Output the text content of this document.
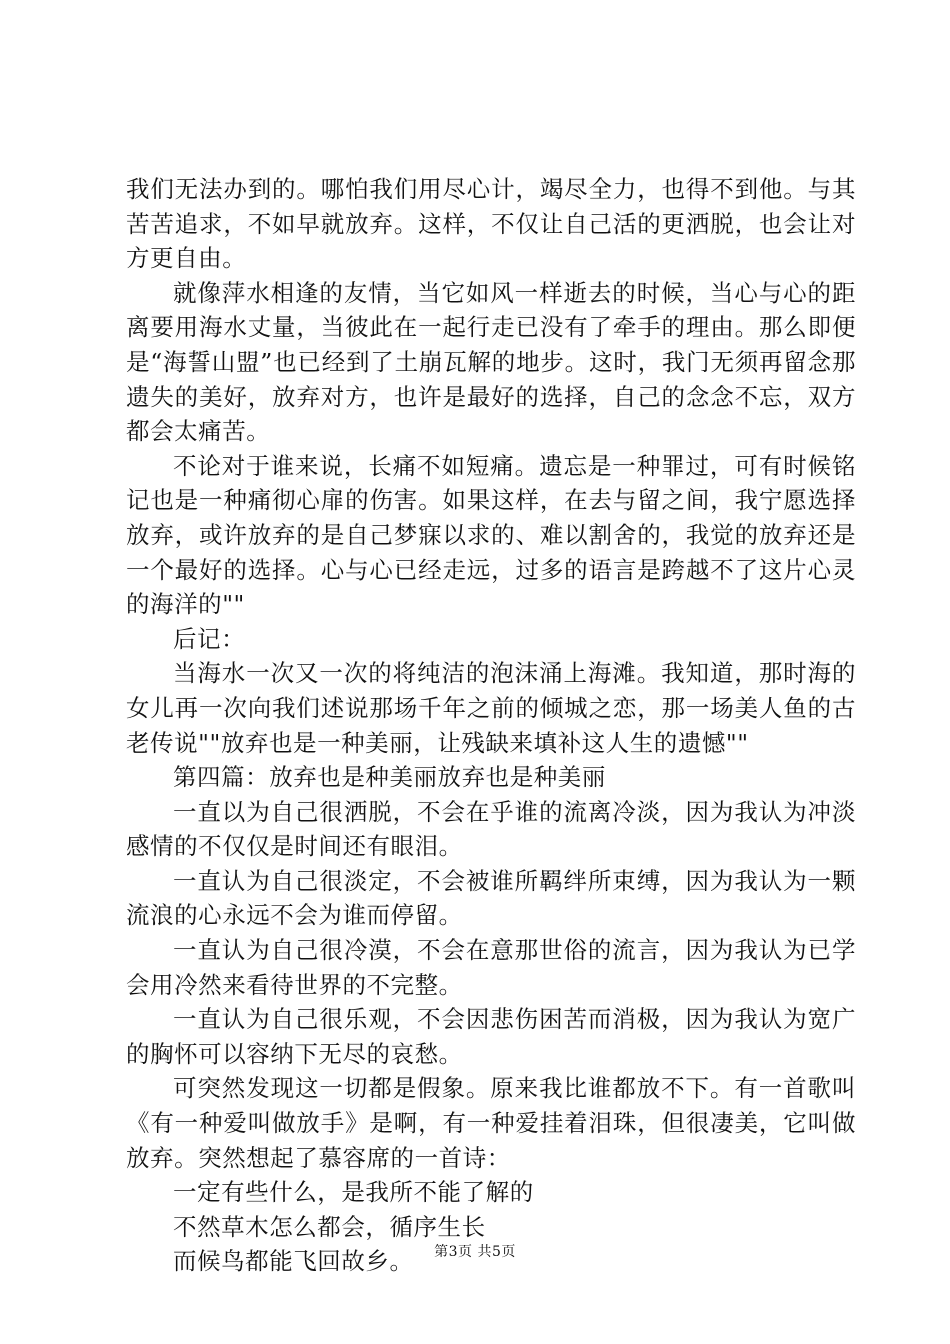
我们无法办到的。哪怕我们用尽心计，竭尽全力，也得不到他。与其苦苦追求，不如早就放弃。这样，不仅让自己活的更洒脱，也会让对方更自由。

就像萍水相逢的友情，当它如风一样逝去的时候，当心与心的距离要用海水丈量，当彼此在一起行走已没有了牵手的理由。那么即便是“海誓山盟”也已经到了土崩瓦解的地步。这时，我门无须再留念那遗失的美好，放弃对方，也许是最好的选择，自己的念念不忘，双方都会太痛苦。

不论对于谁来说，长痛不如短痛。遗忘是一种罪过，可有时候铭记也是一种痛彻心扉的伤害。如果这样，在去与留之间，我宁愿选择放弃，或许放弃的是自己梦寐以求的、难以割舍的，我觉的放弃还是一个最好的选择。心与心已经走远，过多的语言是跨越不了这片心灵的海洋的""

后记：

当海水一次又一次的将纯洁的泡沫涌上海滩。我知道，那时海的女儿再一次向我们述说那场千年之前的倾城之恋，那一场美人鱼的古老传说""放弃也是一种美丽，让残缺来填补这人生的遗憾""

第四篇：放弃也是种美丽放弃也是种美丽

一直以为自己很洒脱，不会在乎谁的流离冷淡，因为我认为冲淡感情的不仅仅是时间还有眼泪。

一直认为自己很淡定，不会被谁所羁绊所束缚，因为我认为一颗流浪的心永远不会为谁而停留。

一直认为自己很冷漠，不会在意那世俗的流言，因为我认为已学会用冷然来看待世界的不完整。

一直认为自己很乐观，不会因悲伤困苦而消极，因为我认为宽广的胸怀可以容纳下无尽的哀愁。

可突然发现这一切都是假象。原来我比谁都放不下。有一首歌叫《有一种爱叫做放手》是啊，有一种爱挂着泪珠，但很凄美，它叫做放弃。突然想起了慕容席的一首诗：

一定有些什么，是我所不能了解的

不然草木怎么都会，循序生长

而候鸟都能飞回故乡。	第3页 共5页
